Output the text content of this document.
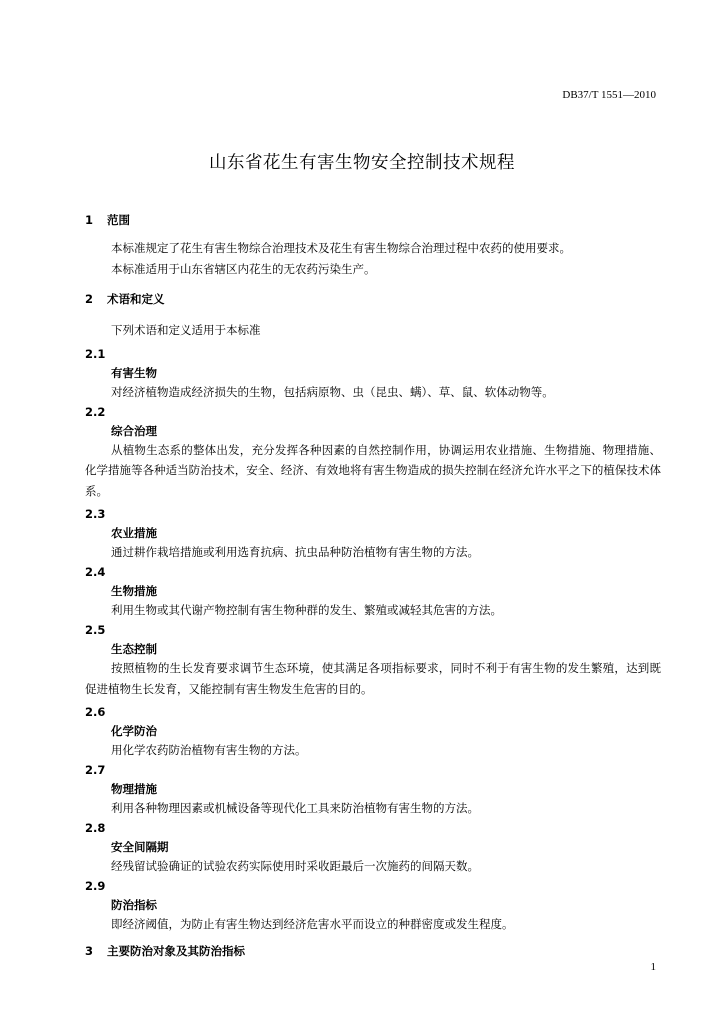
DB37/T 1551—2010
山东省花生有害生物安全控制技术规程
1 范围
本标准规定了花生有害生物综合治理技术及花生有害生物综合治理过程中农药的使用要求。
本标准适用于山东省辖区内花生的无农药污染生产。
2 术语和定义
下列术语和定义适用于本标准
2.1
有害生物
对经济植物造成经济损失的生物，包括病原物、虫（昆虫、螨）、草、鼠、软体动物等。
2.2
综合治理
从植物生态系的整体出发，充分发挥各种因素的自然控制作用，协调运用农业措施、生物措施、物理措施、化学措施等各种适当防治技术，安全、经济、有效地将有害生物造成的损失控制在经济允许水平之下的植保技术体系。
2.3
农业措施
通过耕作栽培措施或利用选育抗病、抗虫品种防治植物有害生物的方法。
2.4
生物措施
利用生物或其代谢产物控制有害生物种群的发生、繁殖或减轻其危害的方法。
2.5
生态控制
按照植物的生长发育要求调节生态环境，使其满足各项指标要求，同时不利于有害生物的发生繁殖，达到既促进植物生长发育，又能控制有害生物发生危害的目的。
2.6
化学防治
用化学农药防治植物有害生物的方法。
2.7
物理措施
利用各种物理因素或机械设备等现代化工具来防治植物有害生物的方法。
2.8
安全间隔期
经残留试验确证的试验农药实际使用时采收距最后一次施药的间隔天数。
2.9
防治指标
即经济阈值，为防止有害生物达到经济危害水平而设立的种群密度或发生程度。
3 主要防治对象及其防治指标
1
